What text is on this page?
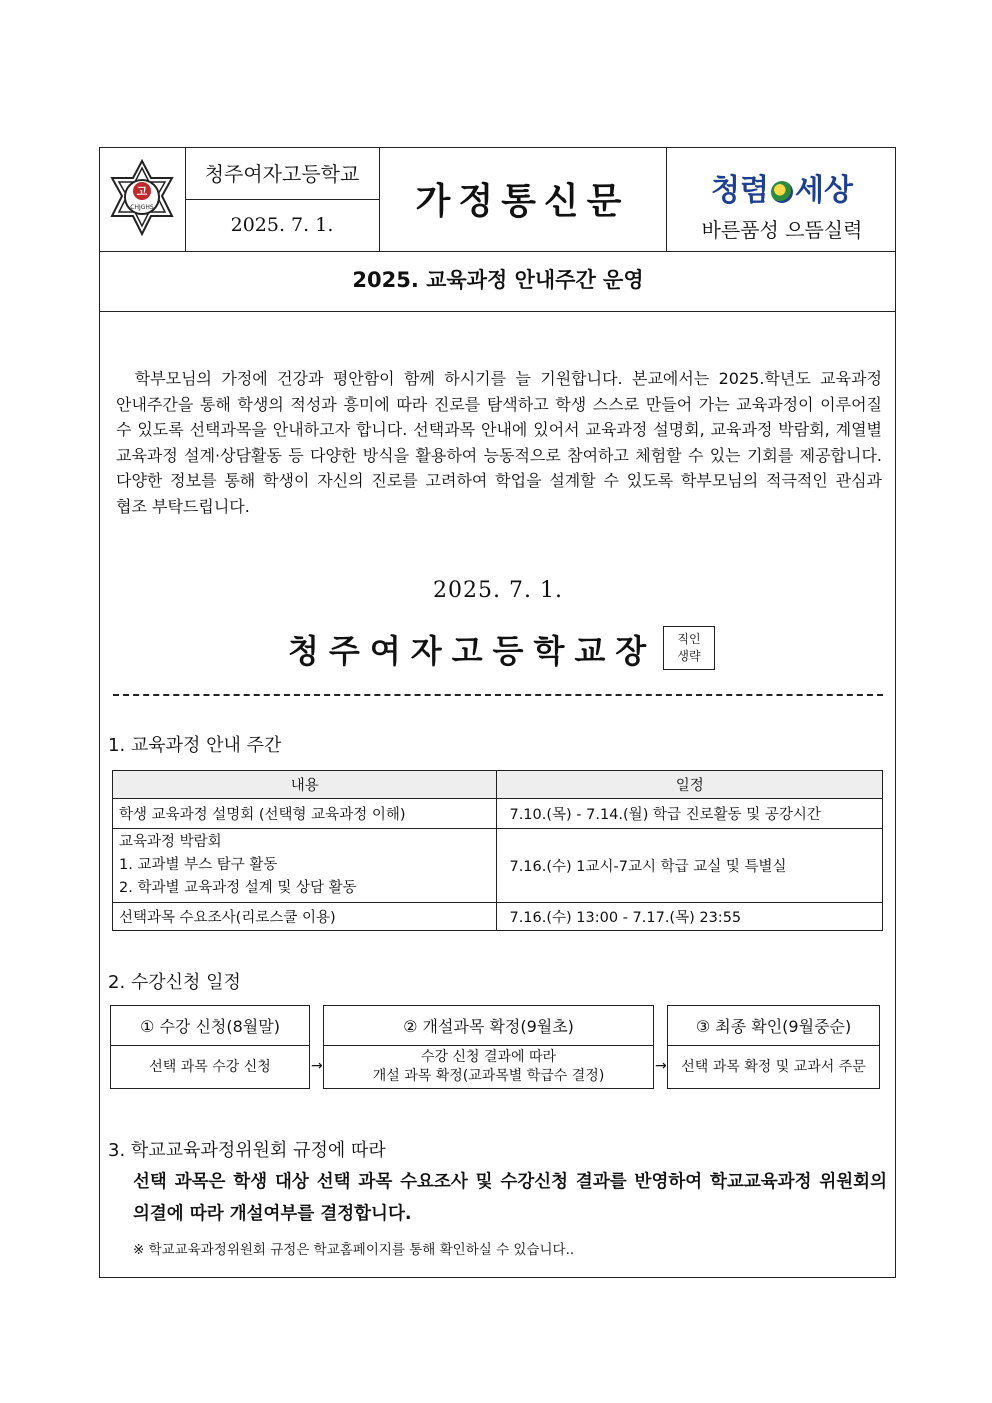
고
CHJGHS
청주여자고등학교
2025. 7. 1.
가정통신문	청렴 세상
바른품성 으뜸실력
2025. 교육과정 안내주간 운영
학부모님의 가정에 건강과 평안함이 함께 하시기를 늘 기원합니다. 본교에서는 2025.학년도 교육과정 안내주간을 통해 학생의 적성과 흥미에 따라 진로를 탐색하고 학생 스스로 만들어 가는 교육과정이 이루어질 수 있도록 선택과목을 안내하고자 합니다. 선택과목 안내에 있어서 교육과정 설명회, 교육과정 박람회, 계열별 교육과정 설계·상담활동 등 다양한 방식을 활용하여 능동적으로 참여하고 체험할 수 있는 기회를 제공합니다. 다양한 정보를 통해 학생이 자신의 진로를 고려하여 학업을 설계할 수 있도록 학부모님의 적극적인 관심과 협조 부탁드립니다.
2025. 7. 1.
청주여자고등학교장	직인
생략
1. 교육과정 안내 주간
내용	일정
학생 교육과정 설명회 (선택형 교육과정 이해)	7.10.(목) - 7.14.(월) 학급 진로활동 및 공강시간

교육과정 박람회
1. 교과별 부스 탐구 활동
2. 학과별 교육과정 설계 및 상담 활동	7.16.(수) 1교시-7교시 학급 교실 및 특별실
선택과목 수요조사(리로스쿨 이용)	7.16.(수) 13:00 - 7.17.(목) 23:55
2. 수강신청 일정
① 수강 신청(8월말)
선택 과목 수강 신청	→
② 개설과목 확정(9월초)
수강 신청 결과에 따라
개설 과목 확정(교과목별 학급수 결정)
→
③ 최종 확인(9월중순)
선택 과목 확정 및 교과서 주문
3. 학교교육과정위원회 규정에 따라
선택 과목은 학생 대상 선택 과목 수요조사 및 수강신청 결과를 반영하여 학교교육과정 위원회의 의결에 따라 개설여부를 결정합니다.
※ 학교교육과정위원회 규정은 학교홈페이지를 통해 확인하실 수 있습니다..
